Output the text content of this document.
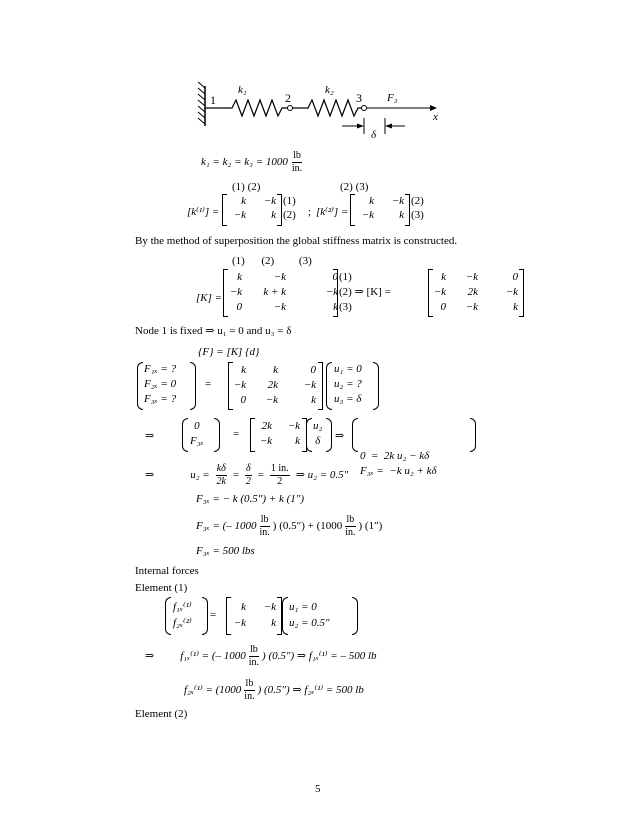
1	2	3
k₁	k₂
F₃
x
δ
$k_1 = k_2 = k_3 = 1000 \frac{lb}{in.}$
(1) (2)	(2) (3)
[k⁽¹⁾] =
k	−k
−k	k
(1)
(2) ; [k⁽²⁾] =
k	−k
−k	k
(2)
(3)
By the method of superposition the global stiffness matrix is constructed.
(1)      (2)         (3)
[K] =
k	−k	0
−k	k + k	−k
0	−k	k
(1)
(2) ⇒ [K] =
(3)
k	−k	0
−k	2k	−k
0	−k	k
Node 1 is fixed ⇒ u₁ = 0 and u₃ = δ
{F} = [K] {d}
F₁ₓ = ?
F₂ₓ = 0
F₃ₓ = ?
=
k	k	0
−k	2k	−k
0	−k	k
u₁ = 0
u₂ = ?
u₃ = δ
⇒
0
F₃ₓ
=
2k	−k
−k	k
u₂
δ ⇒

0  =  2k u₂ − kδ
F₃ₓ =  −k u₂ + kδ

⇒	$u_2 = \frac{k\delta}{2k} = \frac{\delta}{2} = \frac{1 in.}{2}$ ⇒ u₂ = 0.5″
F₃ₓ = − k (0.5″) + k (1″)
F₃ₓ = (– $1000 \frac{lb}{in.}$ ) $(0.5'') + (1000 \frac{lb}{in.}$ ) (1″)
F₃ₓ = 500 lbs
Internal forces
Element (1)
f₁ₓ⁽¹⁾
f₂ₓ⁽²⁾
=
k	−k
−k	k
u₁ = 0
u₂ = 0.5″
⇒ f₁ₓ⁽¹⁾ = (– $1000 \frac{lb}{in.}$ ) (0.5″) ⇒ f₁ₓ⁽¹⁾ = – 500 lb
$f_{2x}^{(1)} = (1000 \frac{lb}{in.}$ ) (0.5″) ⇒ f₂ₓ⁽¹⁾ = 500 lb
Element (2)
5
